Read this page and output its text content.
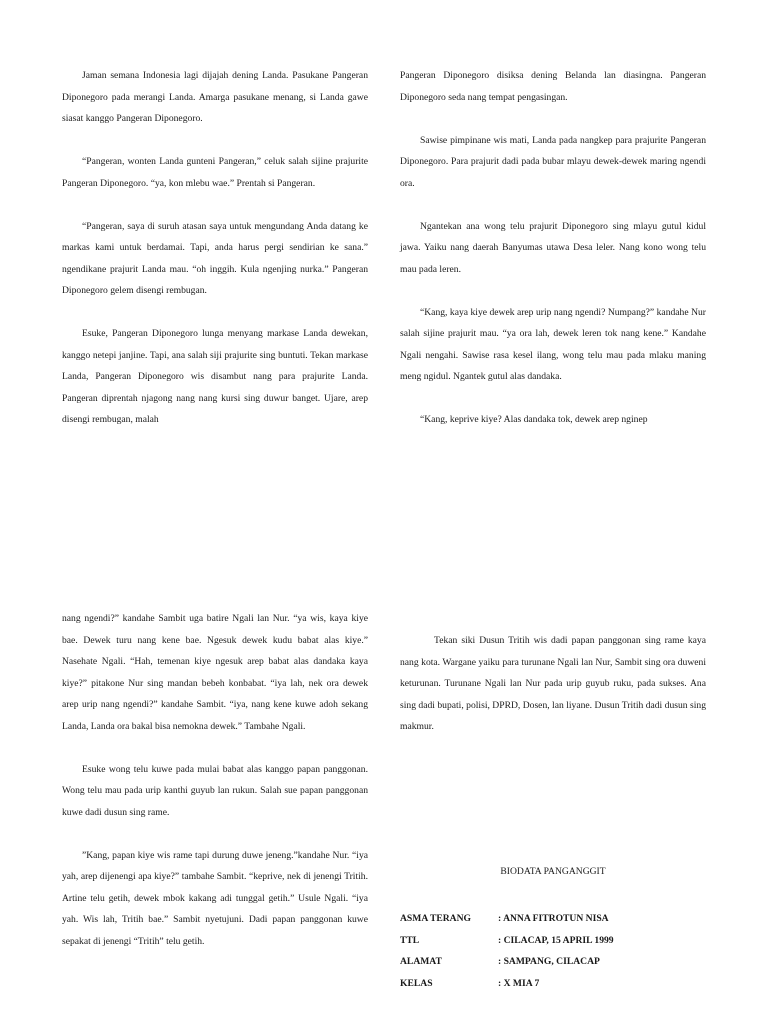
Jaman semana Indonesia lagi dijajah dening Landa. Pasukane Pangeran Diponegoro pada merangi Landa. Amarga pasukane menang, si Landa gawe siasat kanggo Pangeran Diponegoro.

“Pangeran, wonten Landa gunteni Pangeran,” celuk salah sijine prajurite Pangeran Diponegoro. “ya, kon mlebu wae.” Prentah si Pangeran.

“Pangeran, saya di suruh atasan saya untuk mengundang Anda datang ke markas kami untuk berdamai. Tapi, anda harus pergi sendirian ke sana.” ngendikane prajurit Landa mau. “oh inggih. Kula ngenjing nurka.” Pangeran Diponegoro gelem disengi rembugan.

Esuke, Pangeran Diponegoro lunga menyang markase Landa dewekan, kanggo netepi janjine. Tapi, ana salah siji prajurite sing buntuti. Tekan markase Landa, Pangeran Diponegoro wis disambut nang para prajurite Landa. Pangeran diprentah njagong nang nang kursi sing duwur banget. Ujare, arep disengi rembugan, malah

Pangeran Diponegoro disiksa dening Belanda lan diasingna. Pangeran Diponegoro seda nang tempat pengasingan.

Sawise pimpinane wis mati, Landa pada nangkep para prajurite Pangeran Diponegoro. Para prajurit dadi pada bubar mlayu dewek-dewek maring ngendi ora.

Ngantekan ana wong telu prajurit Diponegoro sing mlayu gutul kidul jawa. Yaiku nang daerah Banyumas utawa Desa leler. Nang kono wong telu mau pada leren.

“Kang, kaya kiye dewek arep urip nang ngendi? Numpang?” kandahe Nur salah sijine prajurit mau. “ya ora lah, dewek leren tok nang kene.” Kandahe Ngali nengahi. Sawise rasa kesel ilang, wong telu mau pada mlaku maning meng ngidul. Ngantek gutul alas dandaka.

“Kang, keprive kiye? Alas dandaka tok, dewek arep nginep

nang ngendi?” kandahe Sambit uga batire Ngali lan Nur. “ya wis, kaya kiye bae. Dewek turu nang kene bae. Ngesuk dewek kudu babat alas kiye.” Nasehate Ngali. “Hah, temenan kiye ngesuk arep babat alas dandaka kaya kiye?” pitakone Nur sing mandan bebeh konbabat. “iya lah, nek ora dewek arep urip nang ngendi?” kandahe Sambit. “iya, nang kene kuwe adoh sekang Landa, Landa ora bakal bisa nemokna dewek.” Tambahe Ngali.

Esuke wong telu kuwe pada mulai babat alas kanggo papan panggonan. Wong telu mau pada urip kanthi guyub lan rukun. Salah sue papan panggonan kuwe dadi dusun sing rame.

”Kang, papan kiye wis rame tapi durung duwe jeneng.”kandahe Nur. “iya yah, arep dijenengi apa kiye?” tambahe Sambit. “keprive, nek di jenengi Tritih. Artine telu getih, dewek mbok kakang adi tunggal getih.” Usule Ngali. “iya yah. Wis lah, Tritih bae.” Sambit nyetujuni. Dadi papan panggonan kuwe sepakat di jenengi “Tritih” telu getih.

Tekan siki Dusun Tritih wis dadi papan panggonan sing rame kaya nang kota. Wargane yaiku para turunane Ngali lan Nur, Sambit sing ora duweni keturunan. Turunane Ngali lan Nur pada urip guyub ruku, pada sukses. Ana sing dadi bupati, polisi, DPRD, Dosen, lan liyane. Dusun Tritih dadi dusun sing makmur.

BIODATA PANGANGGIT
ASMA TERANG	: ANNA FITROTUN NISA
TTL	: CILACAP, 15 APRIL 1999
ALAMAT	: SAMPANG, CILACAP
KELAS	: X MIA 7
